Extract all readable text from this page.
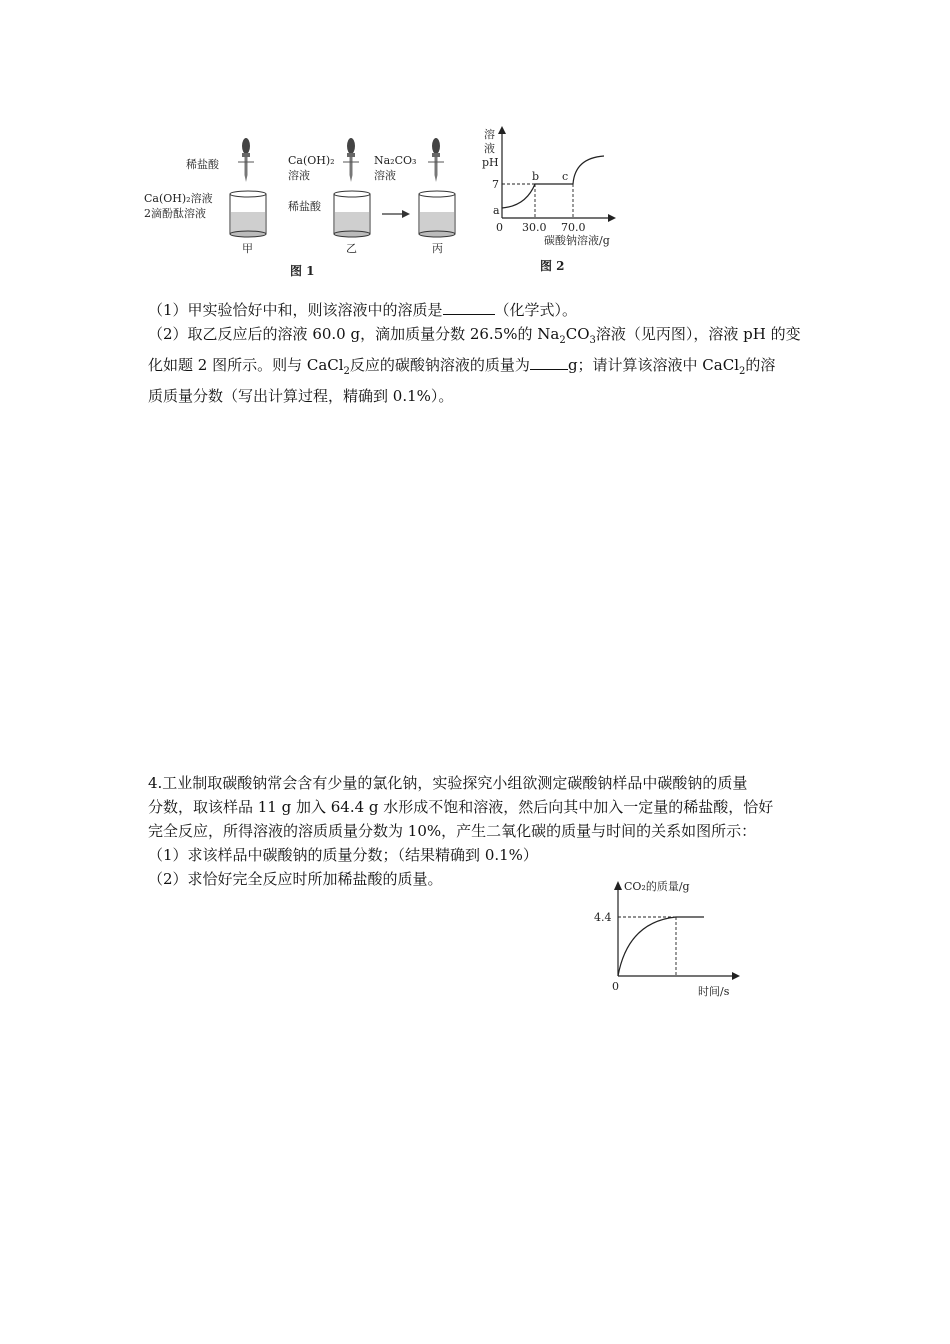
稀盐酸
Ca(OH)₂溶液
2滴酚酞溶液
甲
Ca(OH)₂
溶液
稀盐酸
乙
Na₂CO₃
溶液
丙
图 1
溶
液
pH
0
7
a
b c
30.0 70.0
碳酸钠溶液/g
图 2

（1）甲实验恰好中和，则该溶液中的溶质是	（化学式）。

（2）取乙反应后的溶液 60.0 g，滴加质量分数 26.5%的 $Na_2CO_3$溶液（见丙图），溶液 pH 的变

化如题 2 图所示。则与 CaCl$_2$反应的碳酸钠溶液的质量为	g；请计算该溶液中 CaCl$_2$的溶

质质量分数（写出计算过程，精确到 0.1%）。

4.工业制取碳酸钠常会含有少量的氯化钠，实验探究小组欲测定碳酸钠样品中碳酸钠的质量

分数，取该样品 11 g 加入 64.4 g 水形成不饱和溶液，然后向其中加入一定量的稀盐酸，恰好

完全反应，所得溶液的溶质质量分数为 10%，产生二氧化碳的质量与时间的关系如图所示：

（1）求该样品中碳酸钠的质量分数；（结果精确到 0.1%）

（2）求恰好完全反应时所加稀盐酸的质量。	CO₂的质量/g
4.4
0	时间/s
